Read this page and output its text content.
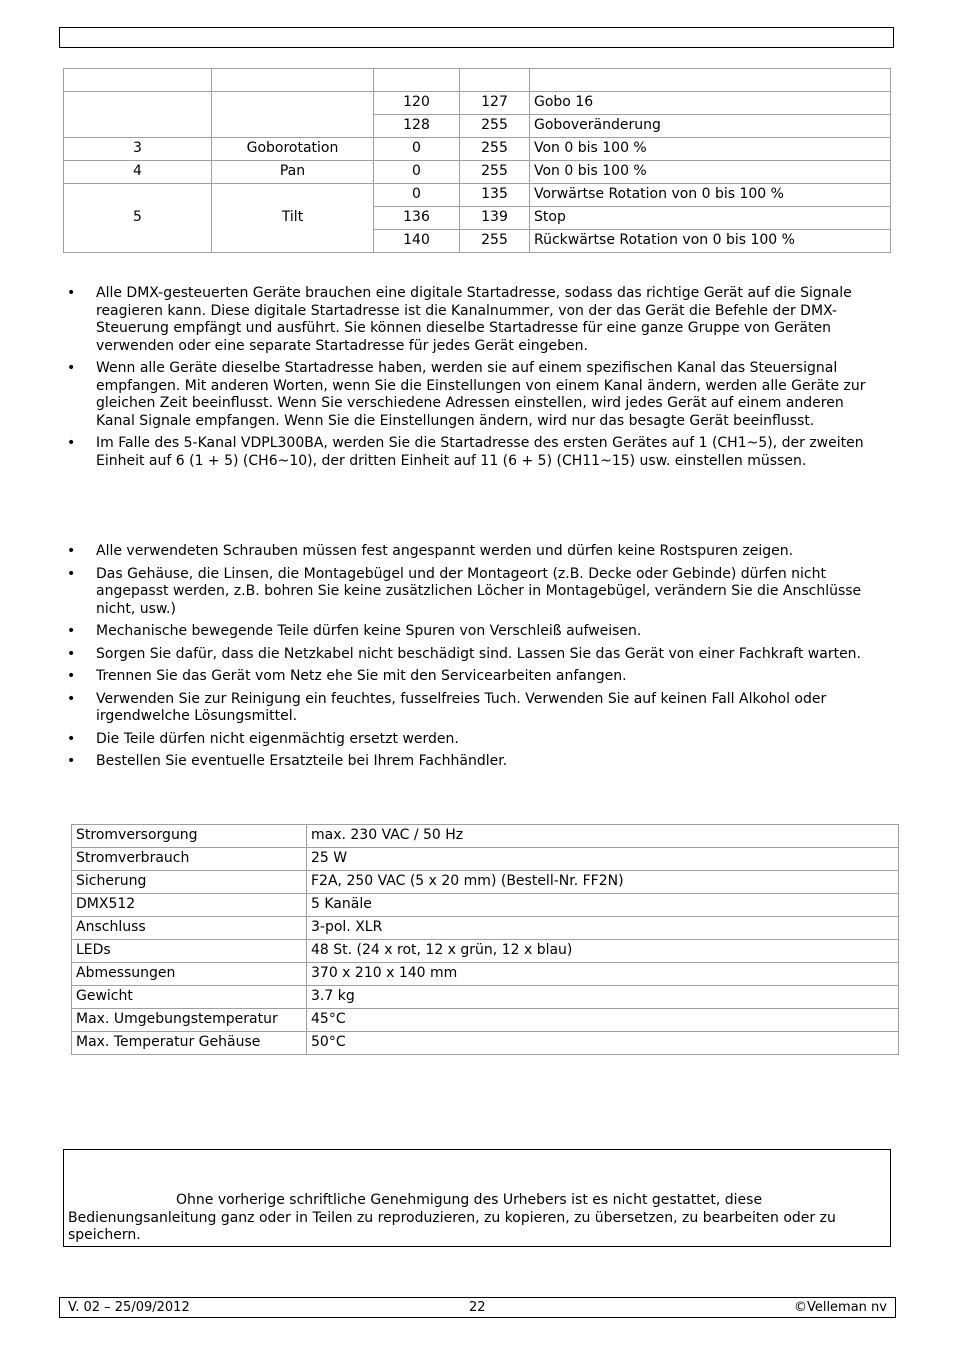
		120	127	Gobo 16
		128	255	Goboveränderung
3	Goborotation	0	255	Von 0 bis 100 %
4	Pan	0	255	Von 0 bis 100 %
5	Tilt	0	135	Vorwärtse Rotation von 0 bis 100 %
		136	139	Stop
		140	255	Rückwärtse Rotation von 0 bis 100 %
• Alle DMX-gesteuerten Geräte brauchen eine digitale Startadresse, sodass das richtige Gerät auf die Signale reagieren kann. Diese digitale Startadresse ist die Kanalnummer, von der das Gerät die Befehle der DMX-Steuerung empfängt und ausführt. Sie können dieselbe Startadresse für eine ganze Gruppe von Geräten verwenden oder eine separate Startadresse für jedes Gerät eingeben.
• Wenn alle Geräte dieselbe Startadresse haben, werden sie auf einem spezifischen Kanal das Steuersignal empfangen. Mit anderen Worten, wenn Sie die Einstellungen von einem Kanal ändern, werden alle Geräte zur gleichen Zeit beeinflusst. Wenn Sie verschiedene Adressen einstellen, wird jedes Gerät auf einem anderen Kanal Signale empfangen. Wenn Sie die Einstellungen ändern, wird nur das besagte Gerät beeinflusst.
• Im Falle des 5-Kanal VDPL300BA, werden Sie die Startadresse des ersten Gerätes auf 1 (CH1~5), der zweiten Einheit auf 6 (1 + 5) (CH6~10), der dritten Einheit auf 11 (6 + 5) (CH11~15) usw. einstellen müssen.
• Alle verwendeten Schrauben müssen fest angespannt werden und dürfen keine Rostspuren zeigen.
• Das Gehäuse, die Linsen, die Montagebügel und der Montageort (z.B. Decke oder Gebinde) dürfen nicht angepasst werden, z.B. bohren Sie keine zusätzlichen Löcher in Montagebügel, verändern Sie die Anschlüsse nicht, usw.)
• Mechanische bewegende Teile dürfen keine Spuren von Verschleiß aufweisen.
• Sorgen Sie dafür, dass die Netzkabel nicht beschädigt sind. Lassen Sie das Gerät von einer Fachkraft warten.
• Trennen Sie das Gerät vom Netz ehe Sie mit den Servicearbeiten anfangen.
• Verwenden Sie zur Reinigung ein feuchtes, fusselfreies Tuch. Verwenden Sie auf keinen Fall Alkohol oder irgendwelche Lösungsmittel.
• Die Teile dürfen nicht eigenmächtig ersetzt werden.
• Bestellen Sie eventuelle Ersatzteile bei Ihrem Fachhändler.
Stromversorgung	max. 230 VAC / 50 Hz
Stromverbrauch	25 W
Sicherung	F2A, 250 VAC (5 x 20 mm) (Bestell-Nr. FF2N)
DMX512	5 Kanäle
Anschluss	3-pol. XLR
LEDs	48 St. (24 x rot, 12 x grün, 12 x blau)
Abmessungen	370 x 210 x 140 mm
Gewicht	3.7 kg
Max. Umgebungstemperatur	45°C
Max. Temperatur Gehäuse	50°C
Ohne vorherige schriftliche Genehmigung des Urhebers ist es nicht gestattet, diese
Bedienungsanleitung ganz oder in Teilen zu reproduzieren, zu kopieren, zu übersetzen, zu bearbeiten oder zu
speichern.
V. 02 – 25/09/2012	22	©Velleman nv
